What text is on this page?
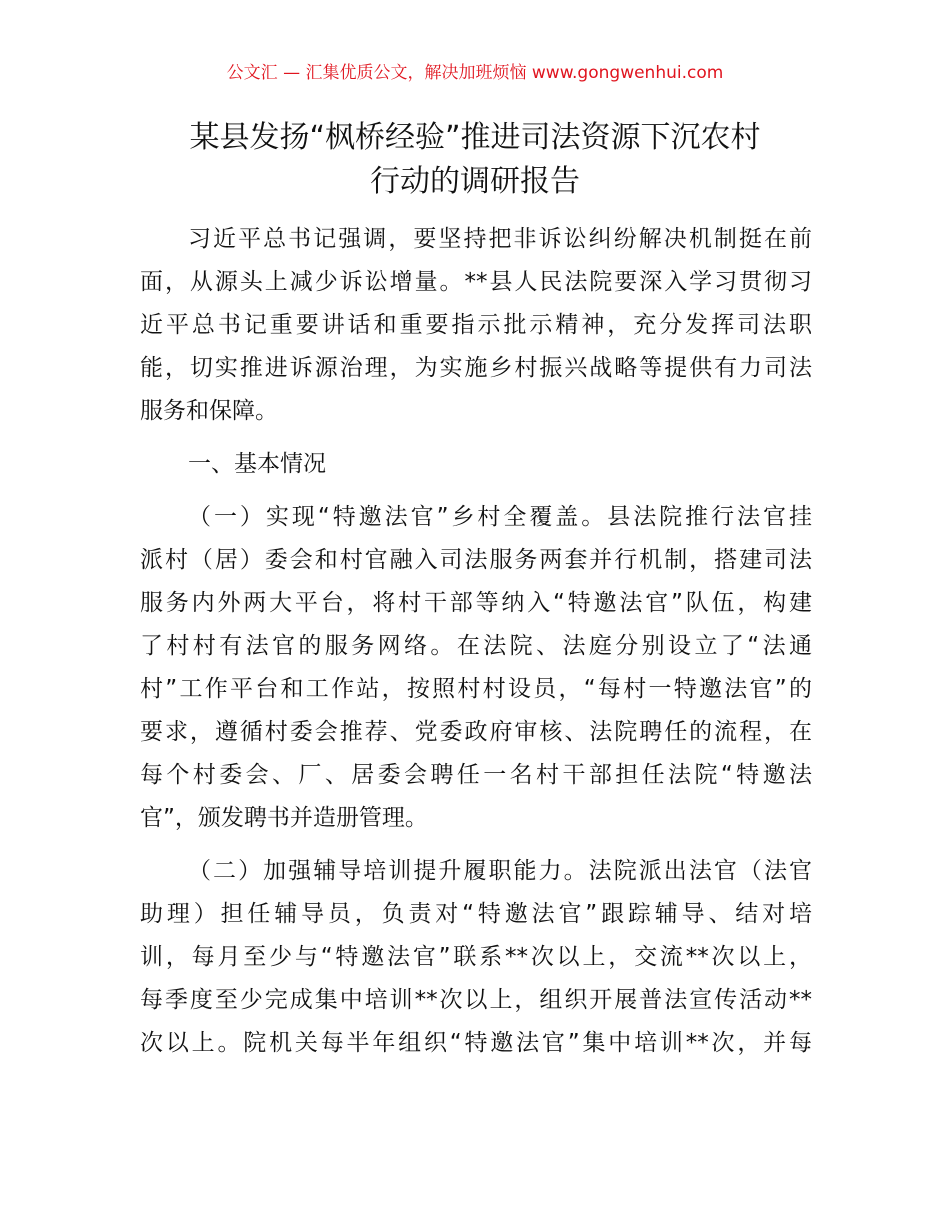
公文汇 — 汇集优质公文，解决加班烦恼 www.gongwenhui.com
某县发扬“枫桥经验”推进司法资源下沉农村
行动的调研报告
习近平总书记强调，要坚持把非诉讼纠纷解决机制挺在前
面，从源头上减少诉讼增量。**县人民法院要深入学习贯彻习
近平总书记重要讲话和重要指示批示精神，充分发挥司法职
能，切实推进诉源治理，为实施乡村振兴战略等提供有力司法
服务和保障。
一、基本情况
（一）实现“特邀法官”乡村全覆盖。县法院推行法官挂
派村（居）委会和村官融入司法服务两套并行机制，搭建司法
服务内外两大平台，将村干部等纳入“特邀法官”队伍，构建
了村村有法官的服务网络。在法院、法庭分别设立了“法通
村”工作平台和工作站，按照村村设员，“每村一特邀法官”的
要求，遵循村委会推荐、党委政府审核、法院聘任的流程，在
每个村委会、厂、居委会聘任一名村干部担任法院“特邀法
官”，颁发聘书并造册管理。
（二）加强辅导培训提升履职能力。法院派出法官（法官
助理）担任辅导员，负责对“特邀法官”跟踪辅导、结对培
训，每月至少与“特邀法官”联系**次以上，交流**次以上，
每季度至少完成集中培训**次以上，组织开展普法宣传活动**
次以上。院机关每半年组织“特邀法官”集中培训**次，并每
